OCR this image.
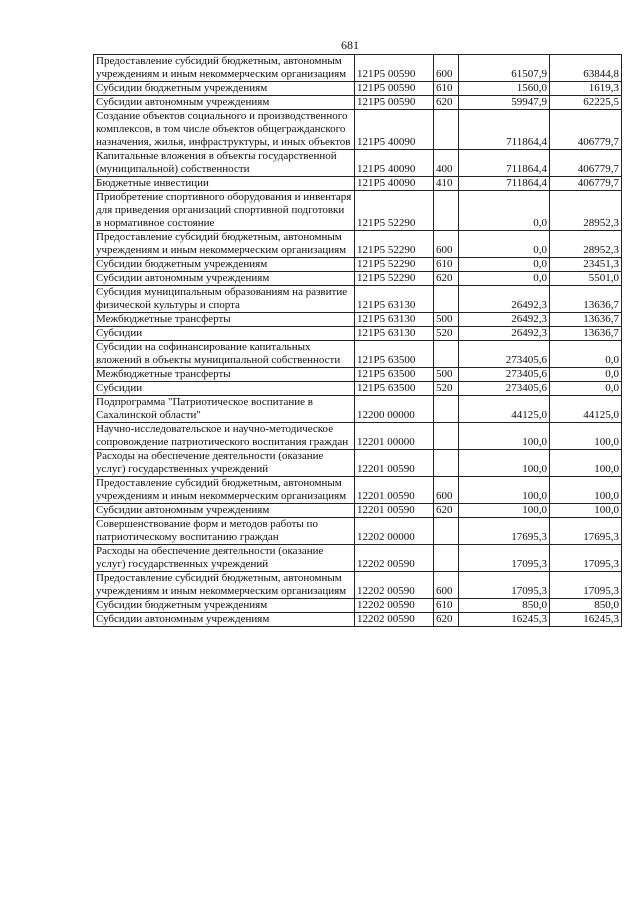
681
Предоставление субсидий бюджетным, автономным учреждениям и иным некоммерческим организациям	121P5 00590	600	61507,9	63844,8
Субсидии бюджетным учреждениям	121P5 00590	610	1560,0	1619,3
Субсидии автономным учреждениям	121P5 00590	620	59947,9	62225,5
Создание объектов социального и производственного комплексов, в том числе объектов общегражданского назначения, жилья, инфраструктуры, и иных объектов	121P5 40090		711864,4	406779,7
Капитальные вложения в объекты государственной (муниципальной) собственности	121P5 40090	400	711864,4	406779,7
Бюджетные инвестиции	121P5 40090	410	711864,4	406779,7
Приобретение спортивного оборудования и инвентаря для приведения организаций спортивной подготовки в нормативное состояние	121P5 52290		0,0	28952,3
Предоставление субсидий бюджетным, автономным учреждениям и иным некоммерческим организациям	121P5 52290	600	0,0	28952,3
Субсидии бюджетным учреждениям	121P5 52290	610	0,0	23451,3
Субсидии автономным учреждениям	121P5 52290	620	0,0	5501,0
Субсидия муниципальным образованиям на развитие физической культуры и спорта	121P5 63130		26492,3	13636,7
Межбюджетные трансферты	121P5 63130	500	26492,3	13636,7
Субсидии	121P5 63130	520	26492,3	13636,7
Субсидии на софинансирование капитальных вложений в объекты муниципальной собственности	121P5 63500		273405,6	0,0
Межбюджетные трансферты	121P5 63500	500	273405,6	0,0
Субсидии	121P5 63500	520	273405,6	0,0
Подпрограмма "Патриотическое воспитание в Сахалинской области"	12200 00000		44125,0	44125,0
Научно-исследовательское и научно-методическое сопровождение патриотического воспитания граждан	12201 00000		100,0	100,0
Расходы на обеспечение деятельности (оказание услуг) государственных учреждений	12201 00590		100,0	100,0
Предоставление субсидий бюджетным, автономным учреждениям и иным некоммерческим организациям	12201 00590	600	100,0	100,0
Субсидии автономным учреждениям	12201 00590	620	100,0	100,0
Совершенствование форм и методов работы по патриотическому воспитанию граждан	12202 00000		17695,3	17695,3
Расходы на обеспечение деятельности (оказание услуг) государственных учреждений	12202 00590		17095,3	17095,3
Предоставление субсидий бюджетным, автономным учреждениям и иным некоммерческим организациям	12202 00590	600	17095,3	17095,3
Субсидии бюджетным учреждениям	12202 00590	610	850,0	850,0
Субсидии автономным учреждениям	12202 00590	620	16245,3	16245,3
